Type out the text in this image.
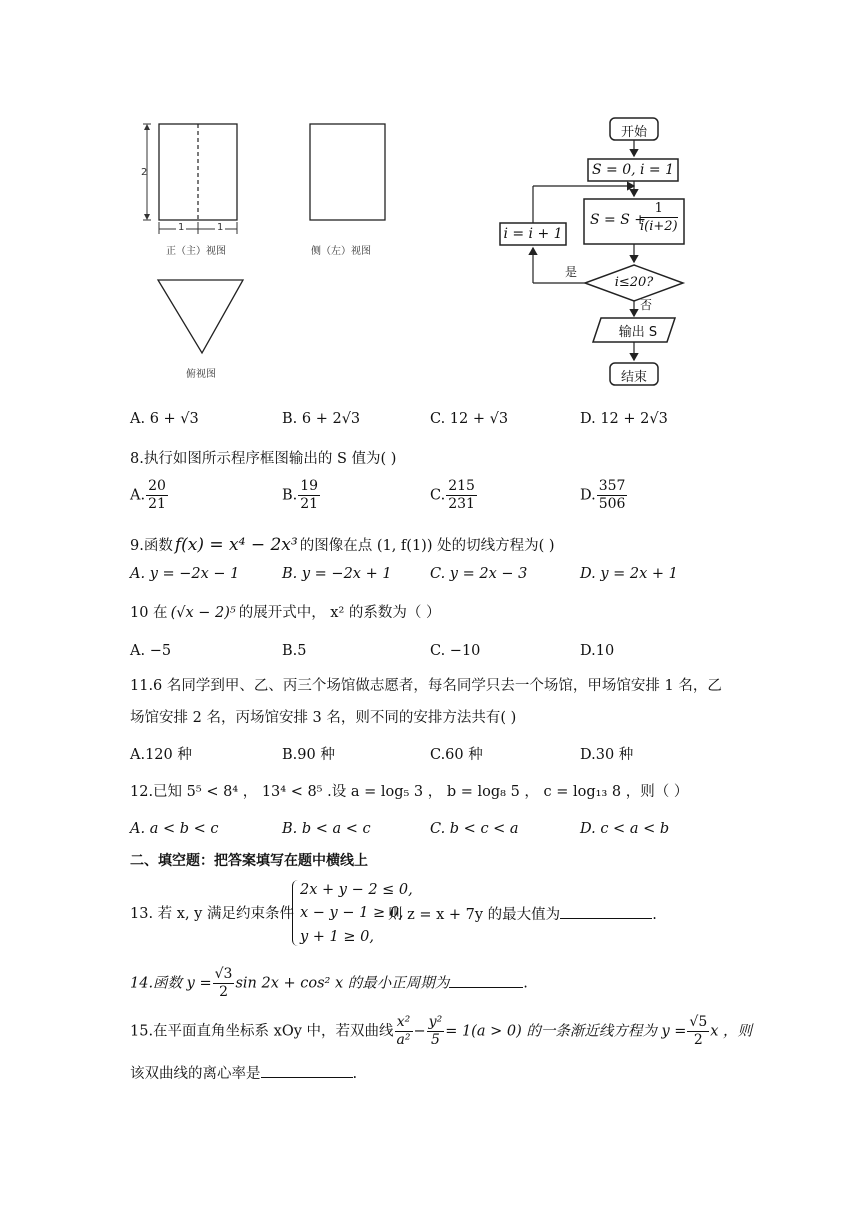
2
1	1
正（主）视图	侧（左）视图
俯视图
开始
S = 0, i = 1
S = S +
$\frac{1}{i(i+2)}$
i = i + 1
i≤20?
是
否
输出 S
结束
A. 6 + √3	B. 6 + 2√3	C. 12 + √3	D. 12 + 2√3
8.执行如图所示程序框图输出的 S 值为( )
A. $\frac{20}{21}$	B. $\frac{19}{21}$	C. $\frac{215}{231}$	D. $\frac{357}{506}$
9.函数 f(x) = x⁴ − 2x³ 的图像在点 (1, f(1)) 处的切线方程为( )
A. y = −2x − 1	B. y = −2x + 1	C. y = 2x − 3	D. y = 2x + 1
10 在 (√x − 2)⁵ 的展开式中， x² 的系数为（ ）
A. −5	B.5	C. −10	D.10
11.6 名同学到甲、乙、丙三个场馆做志愿者，每名同学只去一个场馆，甲场馆安排 1 名，乙
场馆安排 2 名，丙场馆安排 3 名，则不同的安排方法共有( )
A.120 种	B.90 种	C.60 种	D.30 种
12.已知 5⁵ < 8⁴ ， 13⁴ < 8⁵ .设 a = log₅ 3 ， b = log₈ 5 ， c = log₁₃ 8 ，则（ ）
A. a < b < c	B. b < a < c	C. b < c < a	D. c < a < b
二、填空题：把答案填写在题中横线上
13. 若 x, y 满足约束条件
2x + y − 2 ≤ 0,
x − y − 1 ≥ 0,
y + 1 ≥ 0,
则 z = x + 7y 的最大值为	.
14.函数 $y = \frac{√3}{2}$ sin 2x + cos² x 的最小正周期为	.
15.在平面直角坐标系 xOy 中，若双曲线 $\frac{\text{x²}}{\text{a²}} - \frac{\text{y²}}{5} = 1(a > 0)$ 的一条渐近线方程为 $y = \frac{√5}{2}$ x ，则
该双曲线的离心率是	.
